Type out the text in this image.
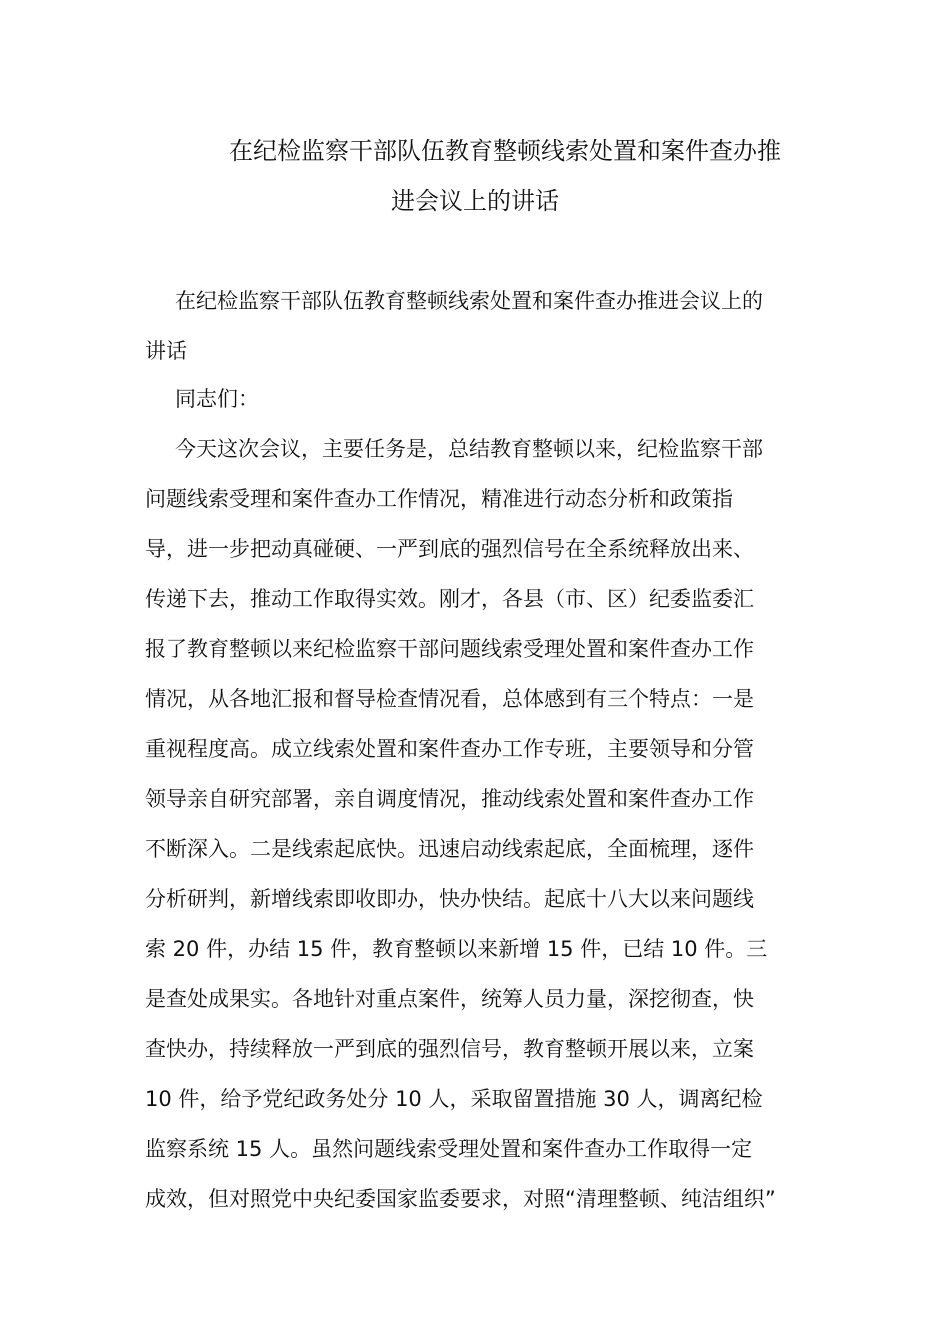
在纪检监察干部队伍教育整顿线索处置和案件查办推
进会议上的讲话
在纪检监察干部队伍教育整顿线索处置和案件查办推进会议上的
讲话
同志们：
今天这次会议，主要任务是，总结教育整顿以来，纪检监察干部
问题线索受理和案件查办工作情况，精准进行动态分析和政策指
导，进一步把动真碰硬、一严到底的强烈信号在全系统释放出来、
传递下去，推动工作取得实效。刚才，各县（市、区）纪委监委汇
报了教育整顿以来纪检监察干部问题线索受理处置和案件查办工作
情况，从各地汇报和督导检查情况看，总体感到有三个特点：一是
重视程度高。成立线索处置和案件查办工作专班，主要领导和分管
领导亲自研究部署，亲自调度情况，推动线索处置和案件查办工作
不断深入。二是线索起底快。迅速启动线索起底，全面梳理，逐件
分析研判，新增线索即收即办，快办快结。起底十八大以来问题线
索 20 件，办结 15 件，教育整顿以来新增 15 件，已结 10 件。三
是查处成果实。各地针对重点案件，统筹人员力量，深挖彻查，快
查快办，持续释放一严到底的强烈信号，教育整顿开展以来，立案
10 件，给予党纪政务处分 10 人，采取留置措施 30 人，调离纪检
监察系统 15 人。虽然问题线索受理处置和案件查办工作取得一定
成效，但对照党中央纪委国家监委要求，对照“清理整顿、纯洁组织”
